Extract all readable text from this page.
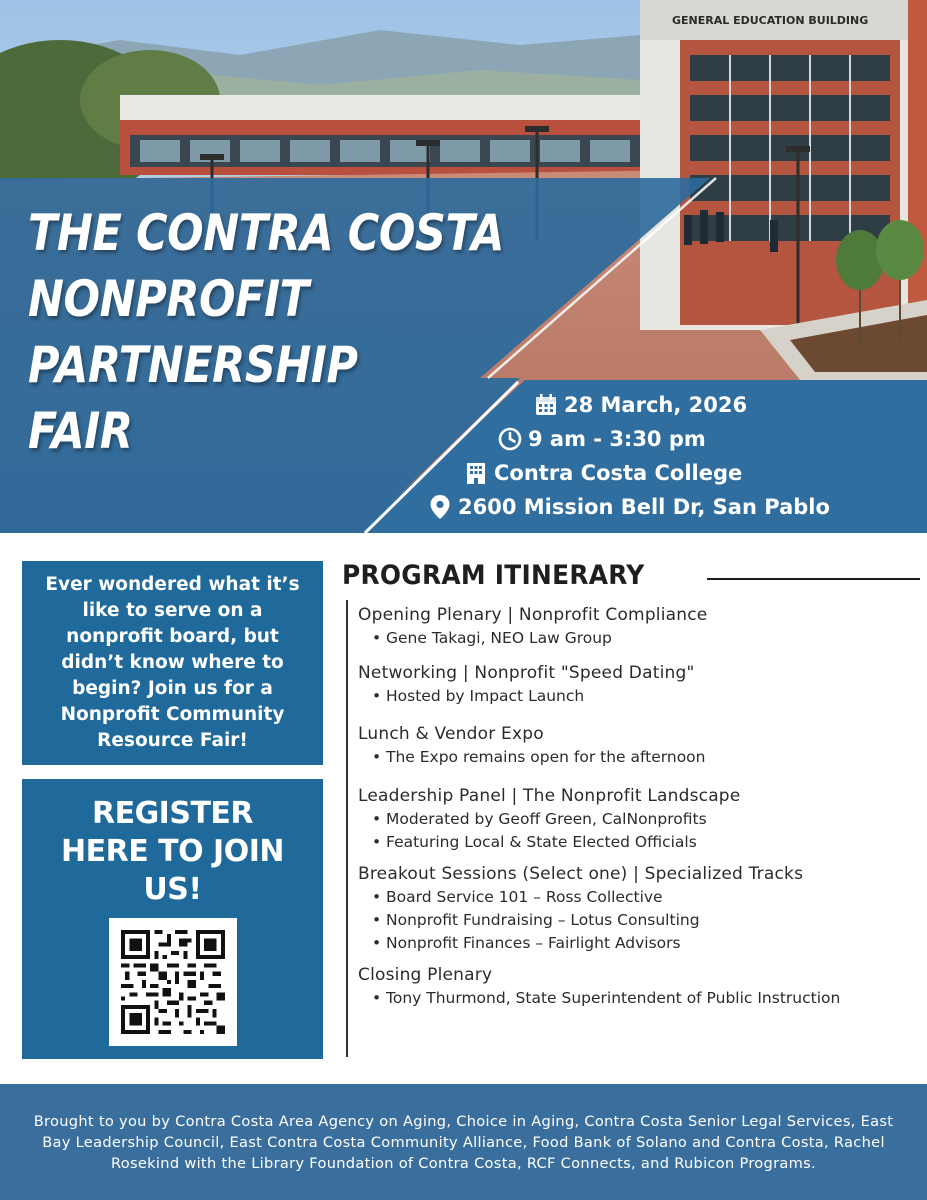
GENERAL EDUCATION BUILDING
THE CONTRA COSTA
NONPROFIT
PARTNERSHIP
FAIR	28 March, 2026
9 am - 3:30 pm
Contra Costa College
2600 Mission Bell Dr, San Pablo

Ever wondered what it’s like to serve on a nonprofit board, but didn’t know where to begin? Join us for a Nonprofit Community Resource Fair!

REGISTER
HERE TO JOIN
US!
PROGRAM ITINERARY
Opening Plenary | Nonprofit Compliance
• Gene Takagi, NEO Law Group
Networking | Nonprofit "Speed Dating"
• Hosted by Impact Launch
Lunch & Vendor Expo
• The Expo remains open for the afternoon
Leadership Panel | The Nonprofit Landscape
• Moderated by Geoff Green, CalNonprofits
• Featuring Local & State Elected Officials
Breakout Sessions (Select one) | Specialized Tracks
• Board Service 101 – Ross Collective
• Nonprofit Fundraising – Lotus Consulting
• Nonprofit Finances – Fairlight Advisors
Closing Plenary
• Tony Thurmond, State Superintendent of Public Instruction

Brought to you by Contra Costa Area Agency on Aging, Choice in Aging, Contra Costa Senior Legal Services, East Bay Leadership Council, East Contra Costa Community Alliance, Food Bank of Solano and Contra Costa, Rachel Rosekind with the Library Foundation of Contra Costa, RCF Connects, and Rubicon Programs.
